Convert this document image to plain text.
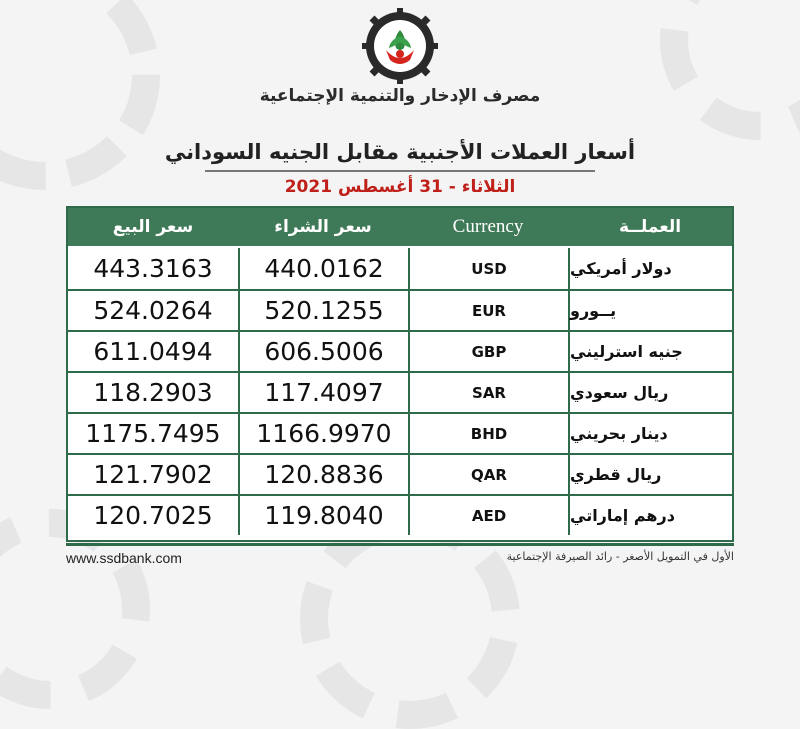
مصرف الإدخار والتنمية الإجتماعية
أسعار العملات الأجنبية مقابل الجنيه السوداني
الثلاثاء - 31 أغسطس 2021
سعر البيع	سعر الشراء	Currency	العملــة
443.3163	440.0162	USD	دولار أمريكي
524.0264	520.1255	EUR	يــورو
611.0494	606.5006	GBP	جنيه استرليني
118.2903	117.4097	SAR	ريال سعودي
1175.7495	1166.9970	BHD	دينار بحريني
121.7902	120.8836	QAR	ريال قطري
120.7025	119.8040	AED	درهم إماراتي
www.ssdbank.com	الأول في التمويل الأصغر - رائد الصيرفة الإجتماعية
